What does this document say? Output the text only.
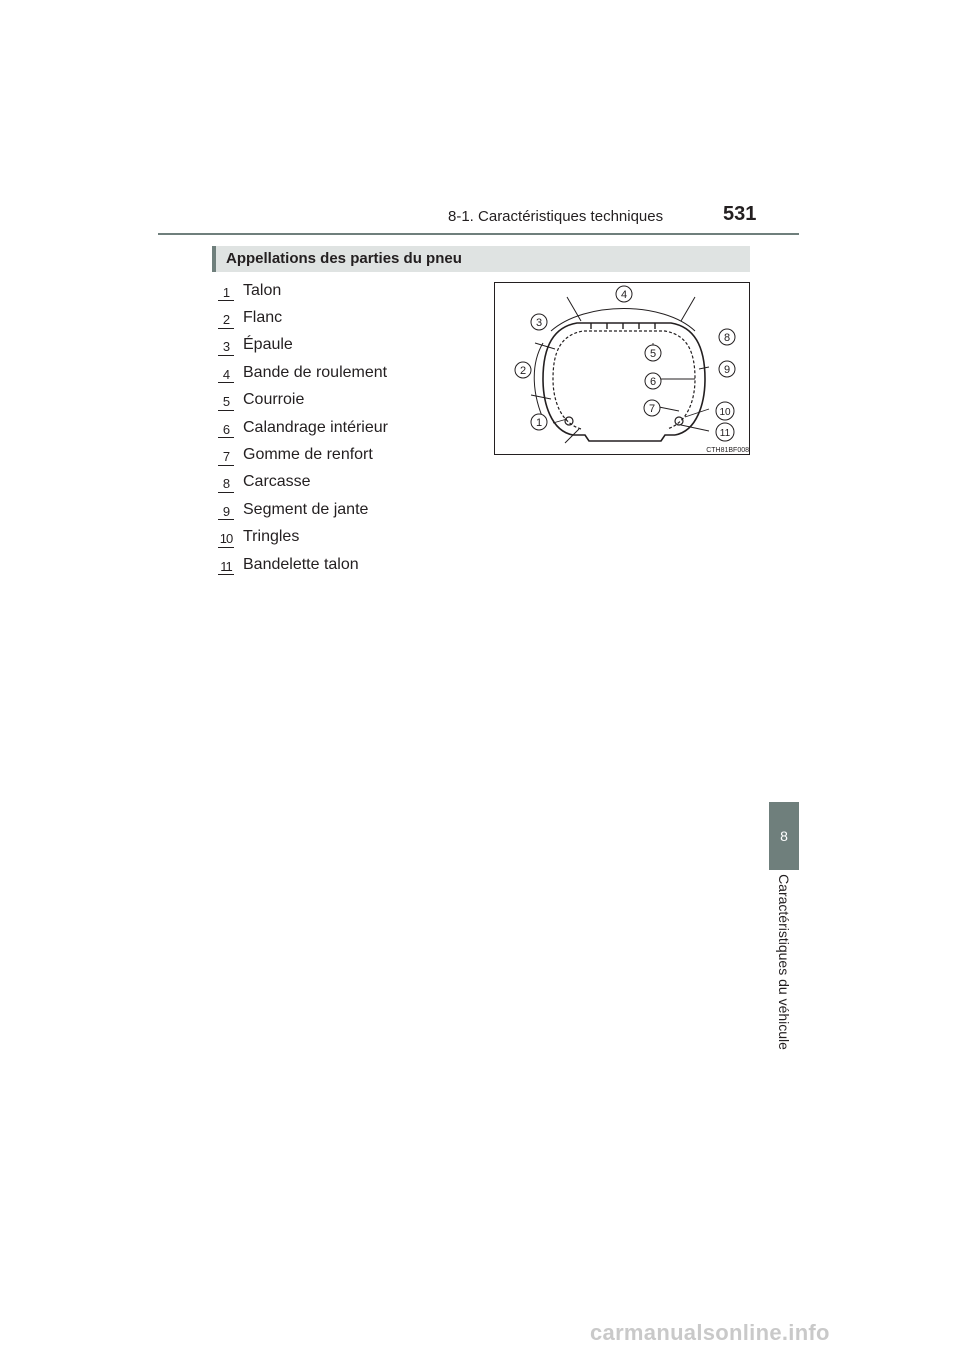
8-1. Caractéristiques techniques	531
Appellations des parties du pneu
1 Talon
2 Flanc
3 Épaule
4 Bande de roulement
5 Courroie
6 Calandrage intérieur
7 Gomme de renfort
8 Carcasse
9 Segment de jante
10 Tringles
11 Bandelette talon
1
2
3
4
5
6
7
8
9
10
11
CTH81BF008
8
Caractéristiques du véhicule
carmanualsonline.info
